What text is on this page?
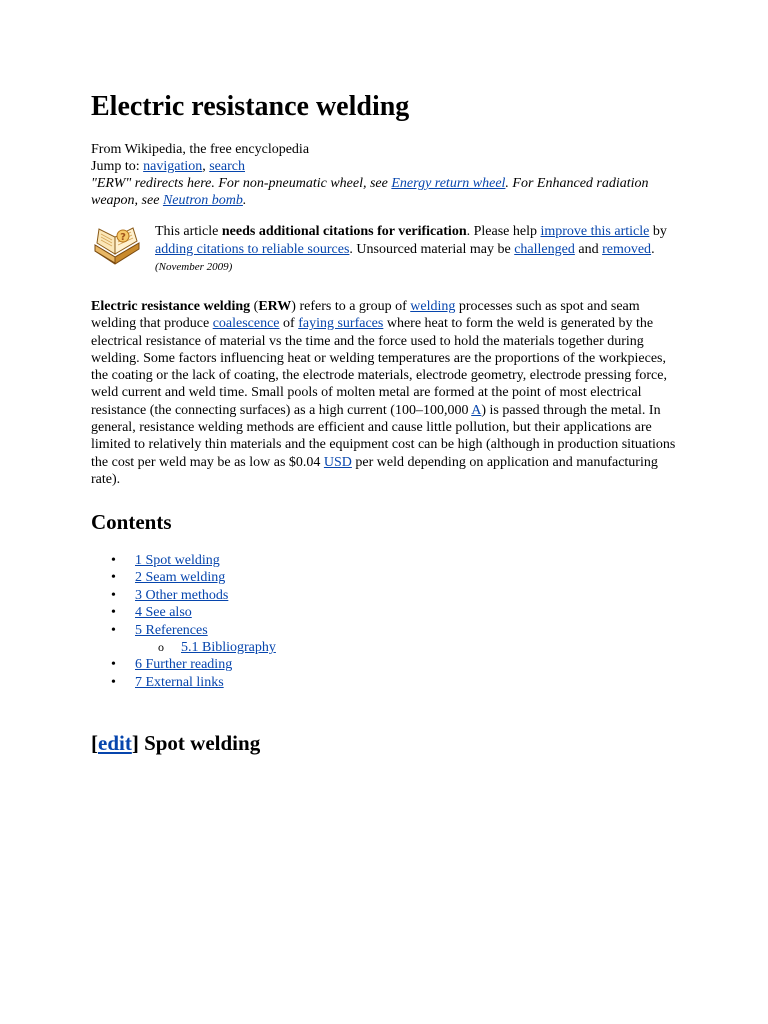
Electric resistance welding
From Wikipedia, the free encyclopedia
Jump to: navigation, search
"ERW" redirects here. For non-pneumatic wheel, see Energy return wheel. For Enhanced radiation weapon, see Neutron bomb.
? This article needs additional citations for verification. Please help improve this article by adding citations to reliable sources. Unsourced material may be challenged and removed. (November 2009)

Electric resistance welding (ERW) refers to a group of welding processes such as spot and seam welding that produce coalescence of faying surfaces where heat to form the weld is generated by the electrical resistance of material vs the time and the force used to hold the materials together during welding. Some factors influencing heat or welding temperatures are the proportions of the workpieces, the coating or the lack of coating, the electrode materials, electrode geometry, electrode pressing force, weld current and weld time. Small pools of molten metal are formed at the point of most electrical resistance (the connecting surfaces) as a high current (100–100,000 A) is passed through the metal. In general, resistance welding methods are efficient and cause little pollution, but their applications are limited to relatively thin materials and the equipment cost can be high (although in production situations the cost per weld may be as low as $0.04 USD per weld depending on application and manufacturing rate).

Contents
• 1 Spot welding
• 2 Seam welding
• 3 Other methods
• 4 See also
• 5 References
o 5.1 Bibliography
• 6 Further reading
• 7 External links
[edit] Spot welding
